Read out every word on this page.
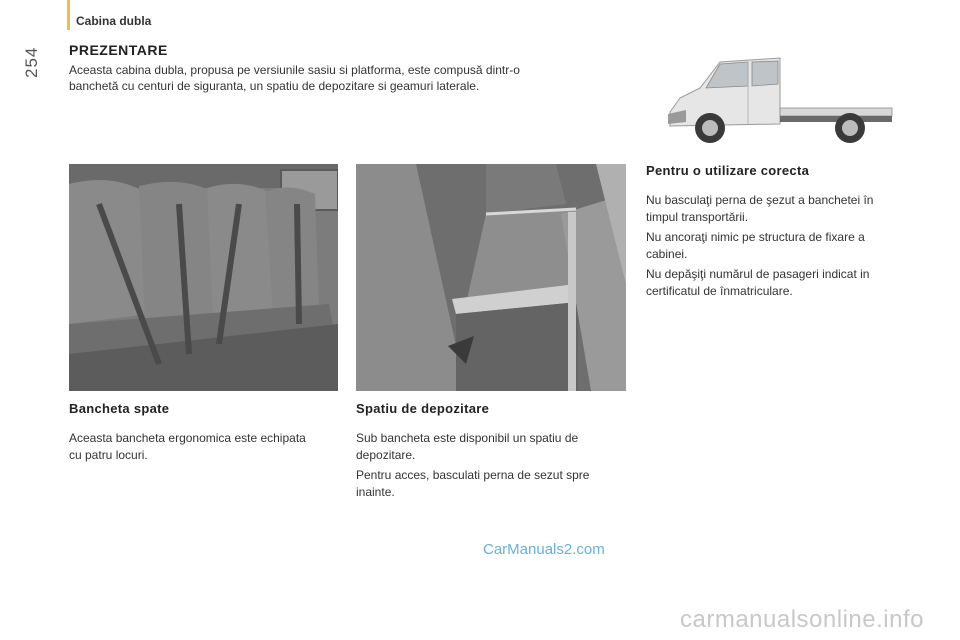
Cabina dubla
254 PREZENTARE
Aceasta cabina dubla, propusa pe versiunile sasiu si platforma, este compusă dintr-o
banchetă cu centuri de siguranta, un spatiu de depozitare si geamuri laterale.
Pentru o utilizare corecta
Nu basculaţi perna de şezut a banchetei în
timpul transportării.
Nu ancoraţi nimic pe structura de fixare a
cabinei.
Nu depăşiţi numărul de pasageri indicat in
certificatul de înmatriculare.
Bancheta spate
Aceasta bancheta ergonomica este echipata
cu patru locuri.
Spatiu de depozitare
Sub bancheta este disponibil un spatiu de
depozitare.
Pentru acces, basculati perna de sezut spre
inainte.
CarManuals2.com
carmanualsonline.info
